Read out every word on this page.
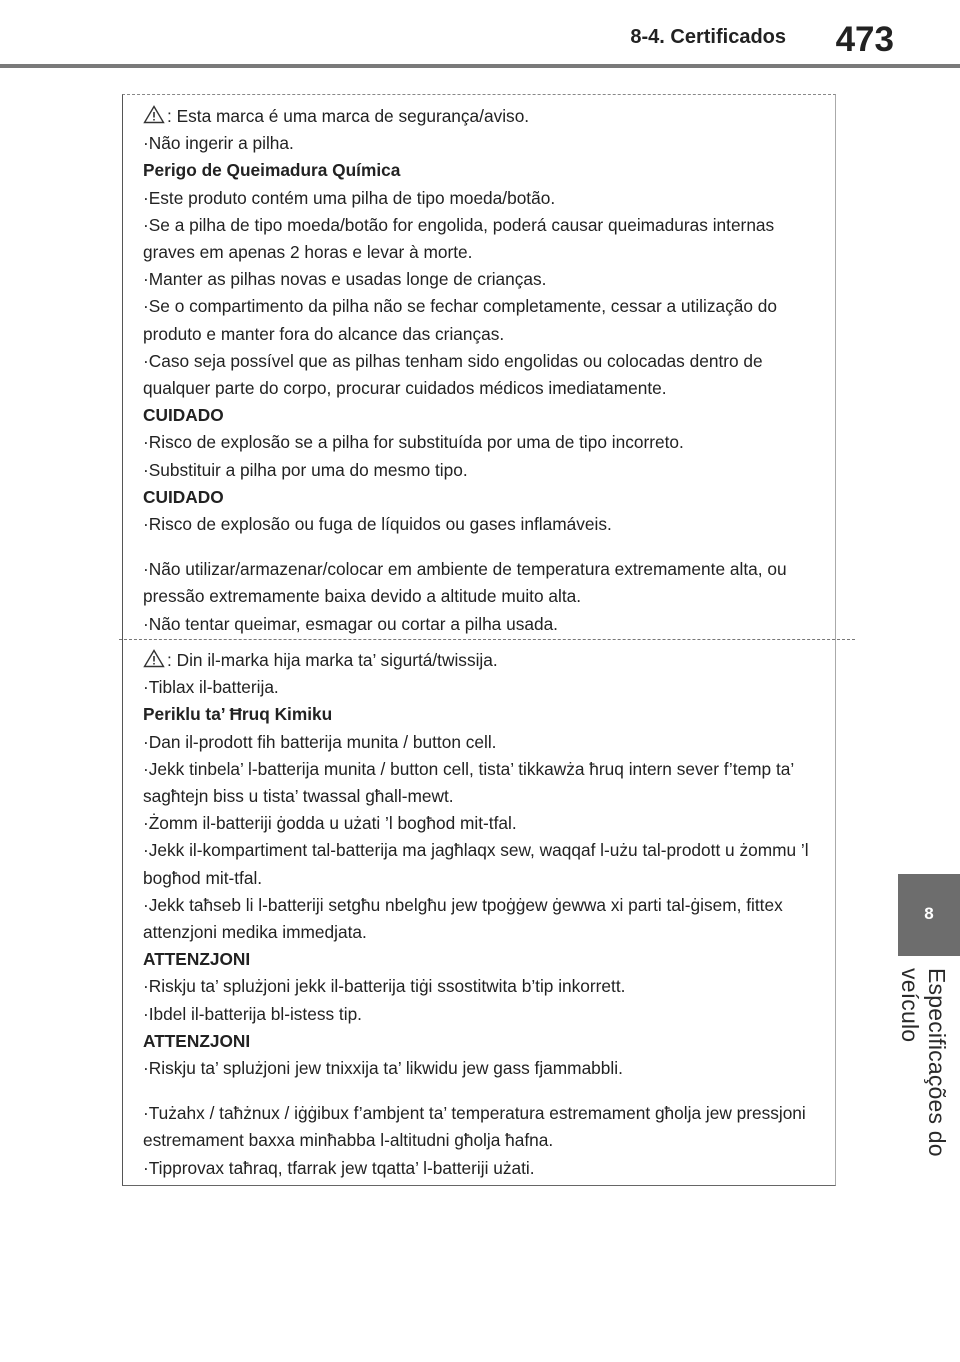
8-4. Certificados 473
8
Especificações do veículo
: Esta marca é uma marca de segurança/aviso.
·Não ingerir a pilha.
Perigo de Queimadura Química
·Este produto contém uma pilha de tipo moeda/botão.
·Se a pilha de tipo moeda/botão for engolida, poderá causar queimaduras internas graves em apenas 2 horas e levar à morte.
·Manter as pilhas novas e usadas longe de crianças.
·Se o compartimento da pilha não se fechar completamente, cessar a utilização do produto e manter fora do alcance das crianças.
·Caso seja possível que as pilhas tenham sido engolidas ou colocadas dentro de qualquer parte do corpo, procurar cuidados médicos imediatamente.
CUIDADO
·Risco de explosão se a pilha for substituída por uma de tipo incorreto.
·Substituir a pilha por uma do mesmo tipo.
CUIDADO
·Risco de explosão ou fuga de líquidos ou gases inflamáveis.
·Não utilizar/armazenar/colocar em ambiente de temperatura extremamente alta, ou pressão extremamente baixa devido a altitude muito alta.
·Não tentar queimar, esmagar ou cortar a pilha usada.
: Din il-marka hija marka ta’ sigurtá/twissija.
·Tiblax il-batterija.
Periklu ta’ Ħruq Kimiku
·Dan il-prodott fih batterija munita / button cell.
·Jekk tinbela’ l-batterija munita / button cell, tista’ tikkawża ħruq intern sever f’temp ta’ sagħtejn biss u tista’ twassal għall-mewt.
·Żomm il-batteriji ġodda u użati ’l bogħod mit-tfal.
·Jekk il-kompartiment tal-batterija ma jagħlaqx sew, waqqaf l-użu tal-prodott u żommu ’l bogħod mit-tfal.
·Jekk taħseb li l-batteriji setgħu nbelgħu jew tpoġġew ġewwa xi parti tal-ġisem, fittex attenzjoni medika immedjata.
ATTENZJONI
·Riskju ta’ splużjoni jekk il-batterija tiġi ssostitwita b’tip inkorrett.
·Ibdel il-batterija bl-istess tip.
ATTENZJONI
·Riskju ta’ splużjoni jew tnixxija ta’ likwidu jew gass fjammabbli.
·Tużahx / taħżnux / iġġibux f’ambjent ta’ temperatura estremament għolja jew pressjoni estremament baxxa minħabba l-altitudni għolja ħafna.
·Tipprovax taħraq, tfarrak jew tqatta’ l-batteriji użati.
